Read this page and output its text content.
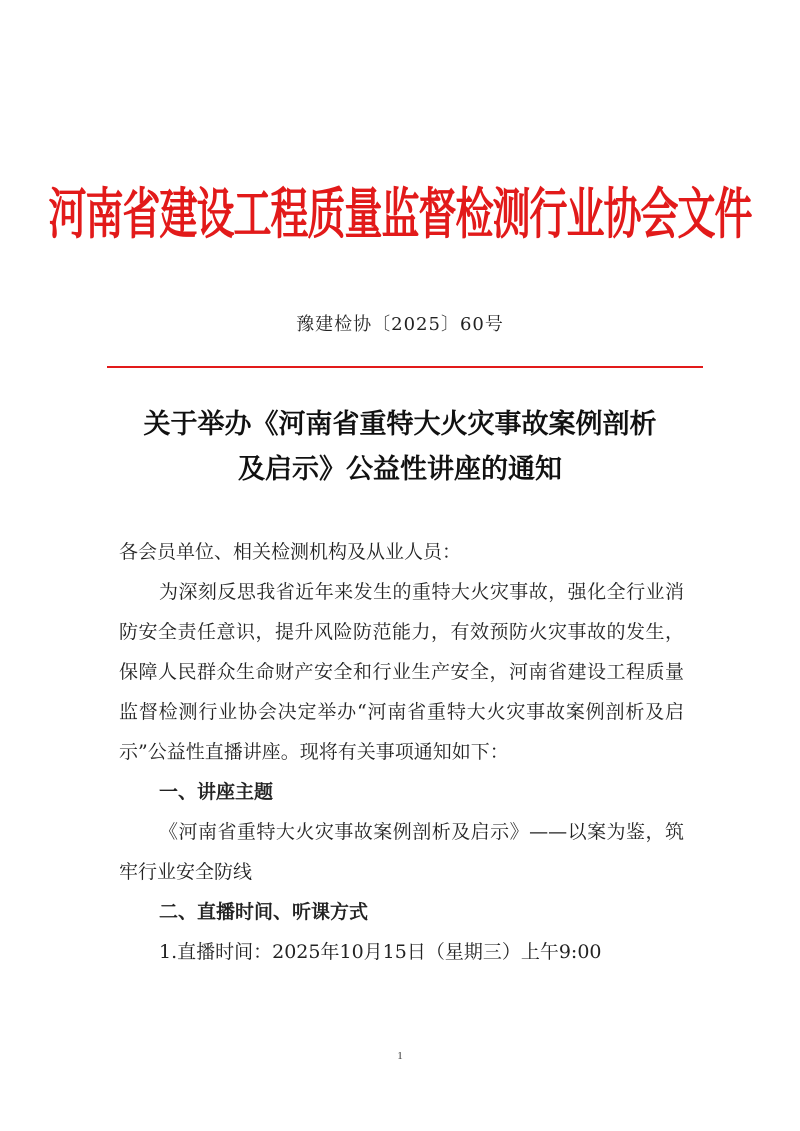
河南省建设工程质量监督检测行业协会文件
豫建检协〔2025〕60号
关于举办《河南省重特大火灾事故案例剖析
及启示》公益性讲座的通知

各会员单位、相关检测机构及从业人员：

为深刻反思我省近年来发生的重特大火灾事故，强化全行业消防安全责任意识，提升风险防范能力，有效预防火灾事故的发生，保障人民群众生命财产安全和行业生产安全，河南省建设工程质量监督检测行业协会决定举办“河南省重特大火灾事故案例剖析及启示”公益性直播讲座。现将有关事项通知如下：

一、讲座主题

《河南省重特大火灾事故案例剖析及启示》——以案为鉴，筑牢行业安全防线

二、直播时间、听课方式

1.直播时间：2025年10月15日（星期三）上午9:00

1
